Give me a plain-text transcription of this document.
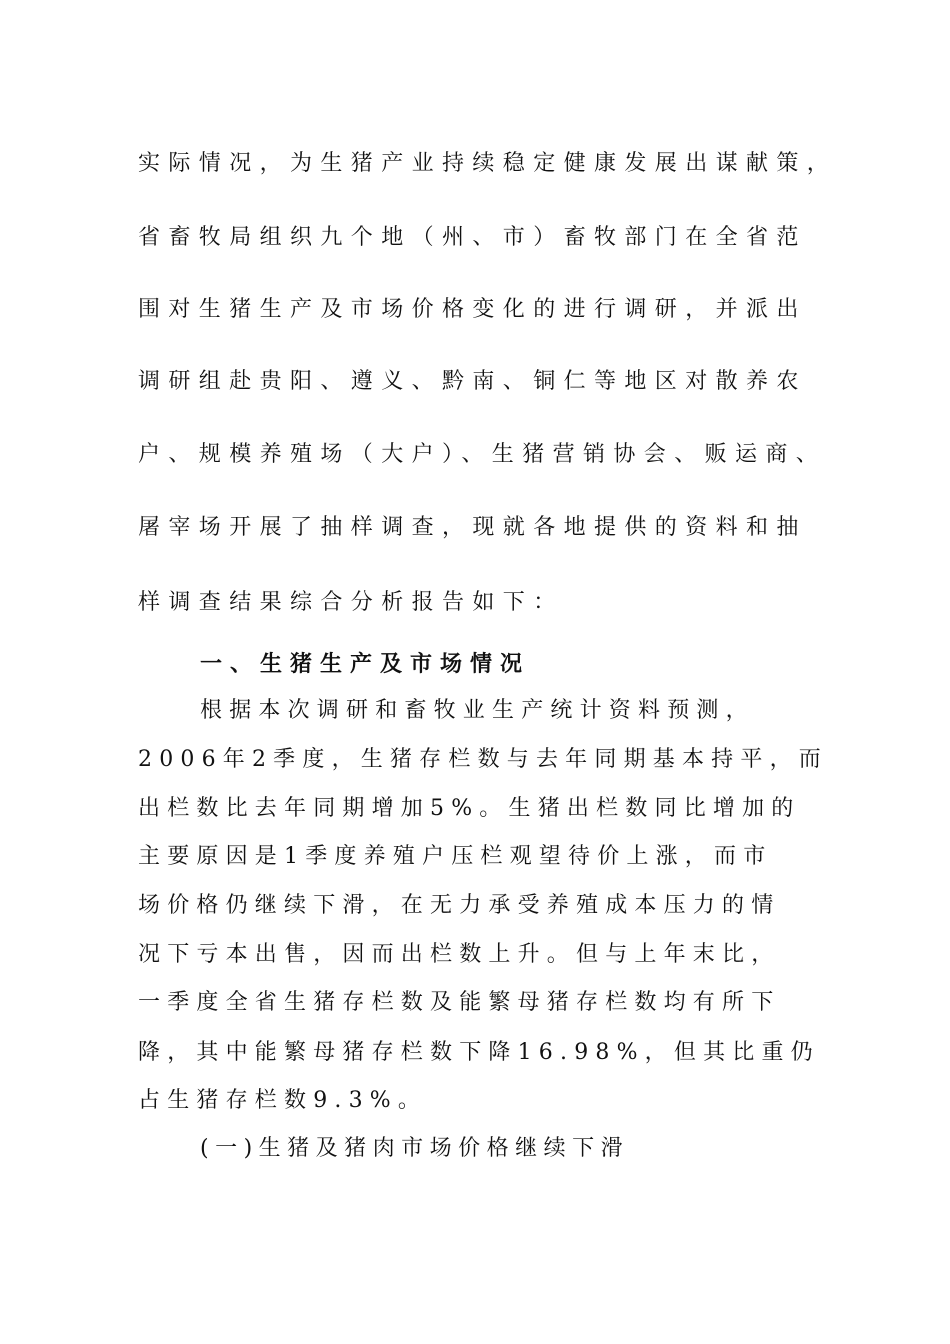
实际情况，为生猪产业持续稳定健康发展出谋献策，
省畜牧局组织九个地（州、市）畜牧部门在全省范
围对生猪生产及市场价格变化的进行调研，并派出
调研组赴贵阳、遵义、黔南、铜仁等地区对散养农
户、规模养殖场（大户）、生猪营销协会、贩运商、
屠宰场开展了抽样调查，现就各地提供的资料和抽
样调查结果综合分析报告如下：
一、生猪生产及市场情况
根据本次调研和畜牧业生产统计资料预测，
2006年2季度，生猪存栏数与去年同期基本持平，而
出栏数比去年同期增加5%。生猪出栏数同比增加的
主要原因是1季度养殖户压栏观望待价上涨，而市
场价格仍继续下滑，在无力承受养殖成本压力的情
况下亏本出售，因而出栏数上升。但与上年末比，
一季度全省生猪存栏数及能繁母猪存栏数均有所下
降，其中能繁母猪存栏数下降16.98%，但其比重仍
占生猪存栏数9.3%。
(一)生猪及猪肉市场价格继续下滑
